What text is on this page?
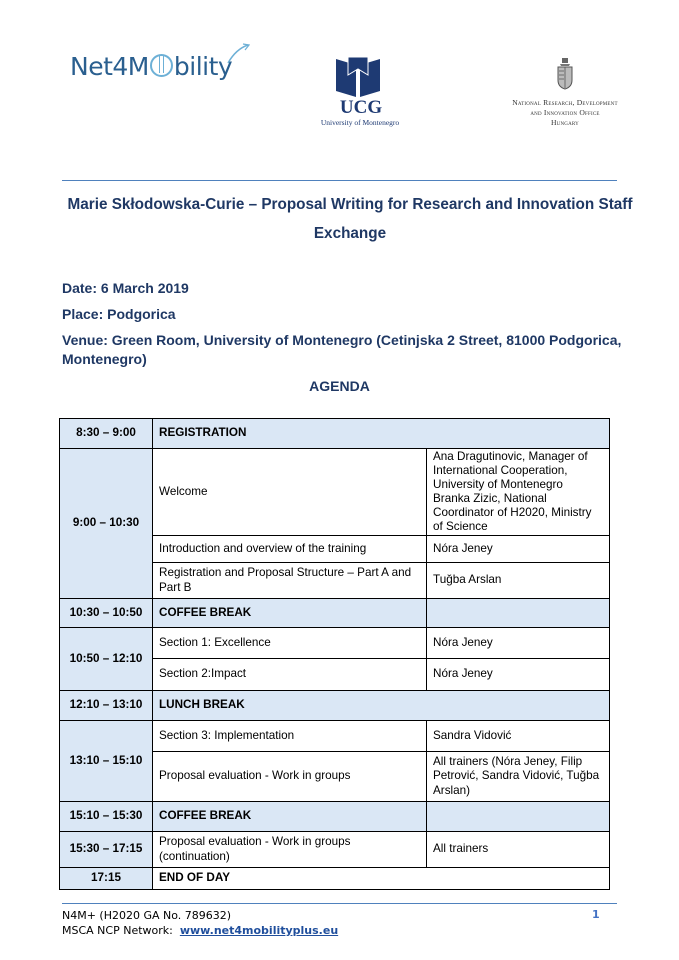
Net4M bility
UCG
University of Montenegro
National Research, Development
and Innovation Office
Hungary
Marie Skłodowska-Curie – Proposal Writing for Research and Innovation Staff
Exchange
Date: 6 March 2019
Place: Podgorica
Venue: Green Room, University of Montenegro (Cetinjska 2 Street, 81000 Podgorica,
Montenegro)
AGENDA
8:30 – 9:00	REGISTRATION	
9:00 – 10:30	Welcome	Ana Dragutinovic, Manager of International Cooperation, University of Montenegro
Branka Zizic, National Coordinator of H2020, Ministry of Science

	Introduction and overview of the training	Nóra Jeney
	Registration and Proposal Structure – Part A and Part B	Tuğba Arslan
10:30 – 10:50	COFFEE BREAK	
10:50 – 12:10	Section 1: Excellence	Nóra Jeney
	Section 2:Impact	Nóra Jeney
12:10 – 13:10	LUNCH BREAK	
13:10 – 15:10	Section 3: Implementation	Sandra Vidović
	Proposal evaluation - Work in groups	All trainers (Nóra Jeney, Filip Petrović, Sandra Vidović, Tuğba Arslan)
15:10 – 15:30	COFFEE BREAK	
15:30 – 17:15	Proposal evaluation - Work in groups (continuation)	All trainers
17:15	END OF DAY	
N4M+ (H2020 GA No. 789632)
MSCA NCP Network: www.net4mobilityplus.eu
1
